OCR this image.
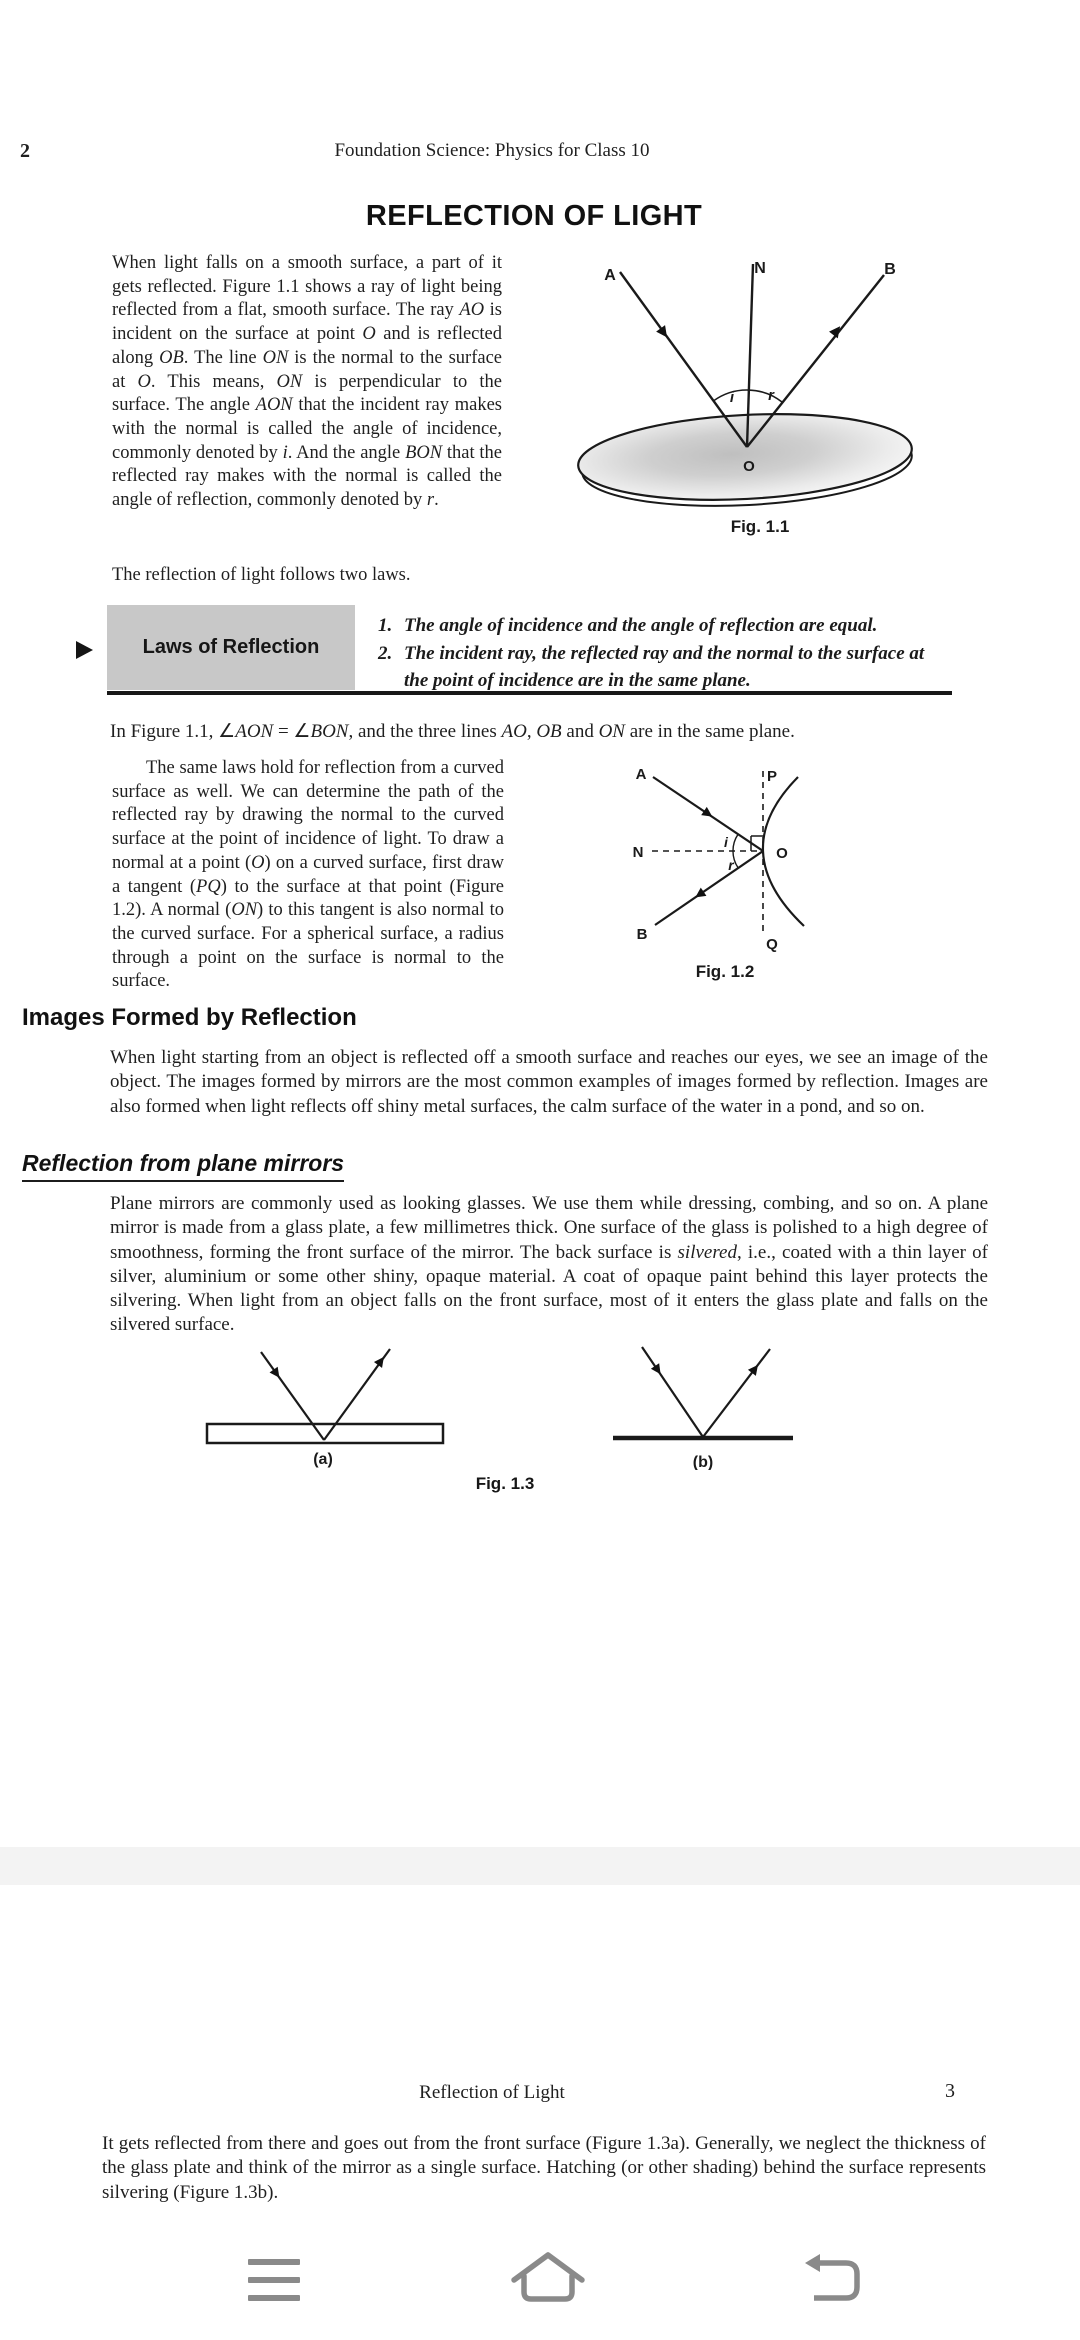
2	Foundation Science: Physics for Class 10
REFLECTION OF LIGHT
When light falls on a smooth surface, a part of it gets reflected. Figure 1.1 shows a ray of light being reflected from a flat, smooth surface. The ray AO is incident on the surface at point O and is reflected along OB. The line ON is the normal to the surface at O. This means, ON is perpendicular to the surface. The angle AON that the incident ray makes with the normal is called the angle of incidence, commonly denoted by i. And the angle BON that the reflected ray makes with the normal is called the angle of reflection, commonly denoted by r.
The reflection of light follows two laws.
A	N	B
i r
O
Fig. 1.1
Laws of Reflection
1. The angle of incidence and the angle of reflection are equal.
2. The incident ray, the reflected ray and the normal to the surface at the point of incidence are in the same plane.
In Figure 1.1, ∠AON = ∠BON, and the three lines AO, OB and ON are in the same plane.
The same laws hold for reflection from a curved surface as well. We can determine the path of the reflected ray by drawing the normal to the curved surface at the point of incidence of light. To draw a normal at a point (O) on a curved surface, first draw a tangent (PQ) to the surface at that point (Figure 1.2). A normal (ON) to this tangent is also normal to the curved surface. For a spherical surface, a radius through a point on the surface is normal to the surface.
A	P
N	O
B
Q
i
r
Fig. 1.2
Images Formed by Reflection
When light starting from an object is reflected off a smooth surface and reaches our eyes, we see an image of the object. The images formed by mirrors are the most common examples of images formed by reflection. Images are also formed when light reflects off shiny metal surfaces, the calm surface of the water in a pond, and so on.
Reflection from plane mirrors
Plane mirrors are commonly used as looking glasses. We use them while dressing, combing, and so on. A plane mirror is made from a glass plate, a few millimetres thick. One surface of the glass is polished to a high degree of smoothness, forming the front surface of the mirror. The back surface is silvered, i.e., coated with a thin layer of silver, aluminium or some other shiny, opaque material. A coat of opaque paint behind this layer protects the silvering. When light from an object falls on the front surface, most of it enters the glass plate and falls on the silvered surface.
(a)	(b)
Fig. 1.3
Reflection of Light	3
It gets reflected from there and goes out from the front surface (Figure 1.3a). Generally, we neglect the thickness of the glass plate and think of the mirror as a single surface. Hatching (or other shading) behind the surface represents silvering (Figure 1.3b).
